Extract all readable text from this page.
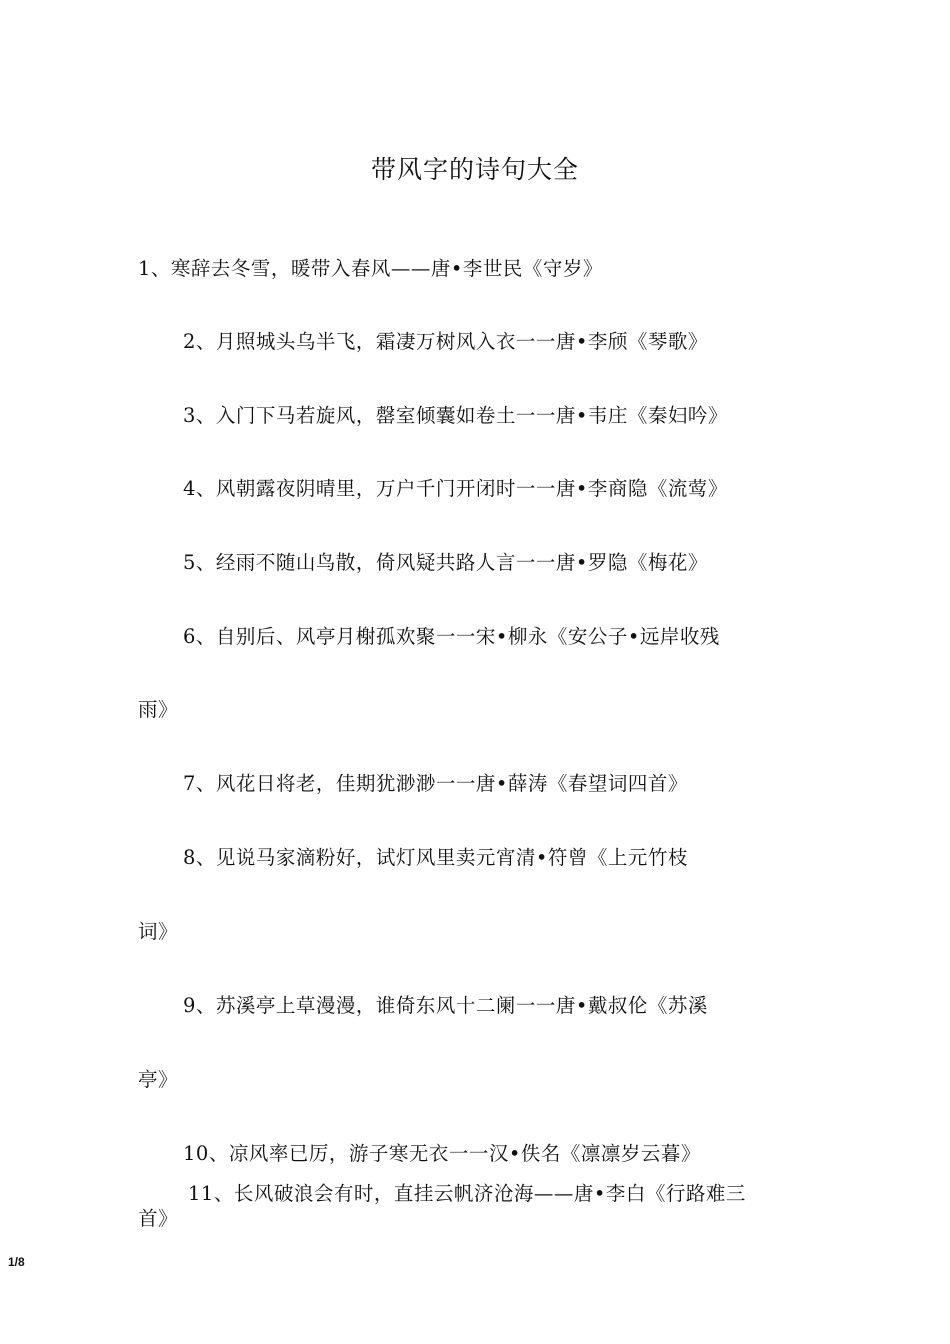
带风字的诗句大全
1、寒辞去冬雪，暖带入春风——唐•李世民《守岁》
2、月照城头乌半飞，霜凄万树风入衣一一唐•李颀《琴歌》
3、入门下马若旋风，罄室倾囊如卷土一一唐•韦庄《秦妇吟》
4、风朝露夜阴晴里，万户千门开闭时一一唐•李商隐《流莺》
5、经雨不随山鸟散，倚风疑共路人言一一唐•罗隐《梅花》
6、自别后、风亭月榭孤欢聚一一宋•柳永《安公子•远岸收残
雨》
7、风花日将老，佳期犹渺渺一一唐•薛涛《春望词四首》
8、见说马家滴粉好，试灯风里卖元宵清•符曾《上元竹枝
词》
9、苏溪亭上草漫漫，谁倚东风十二阑一一唐•戴叔伦《苏溪
亭》
10、凉风率已厉，游子寒无衣一一汉•佚名《凛凛岁云暮》
11、长风破浪会有时，直挂云帆济沧海——唐•李白《行路难三
首》
1/8
